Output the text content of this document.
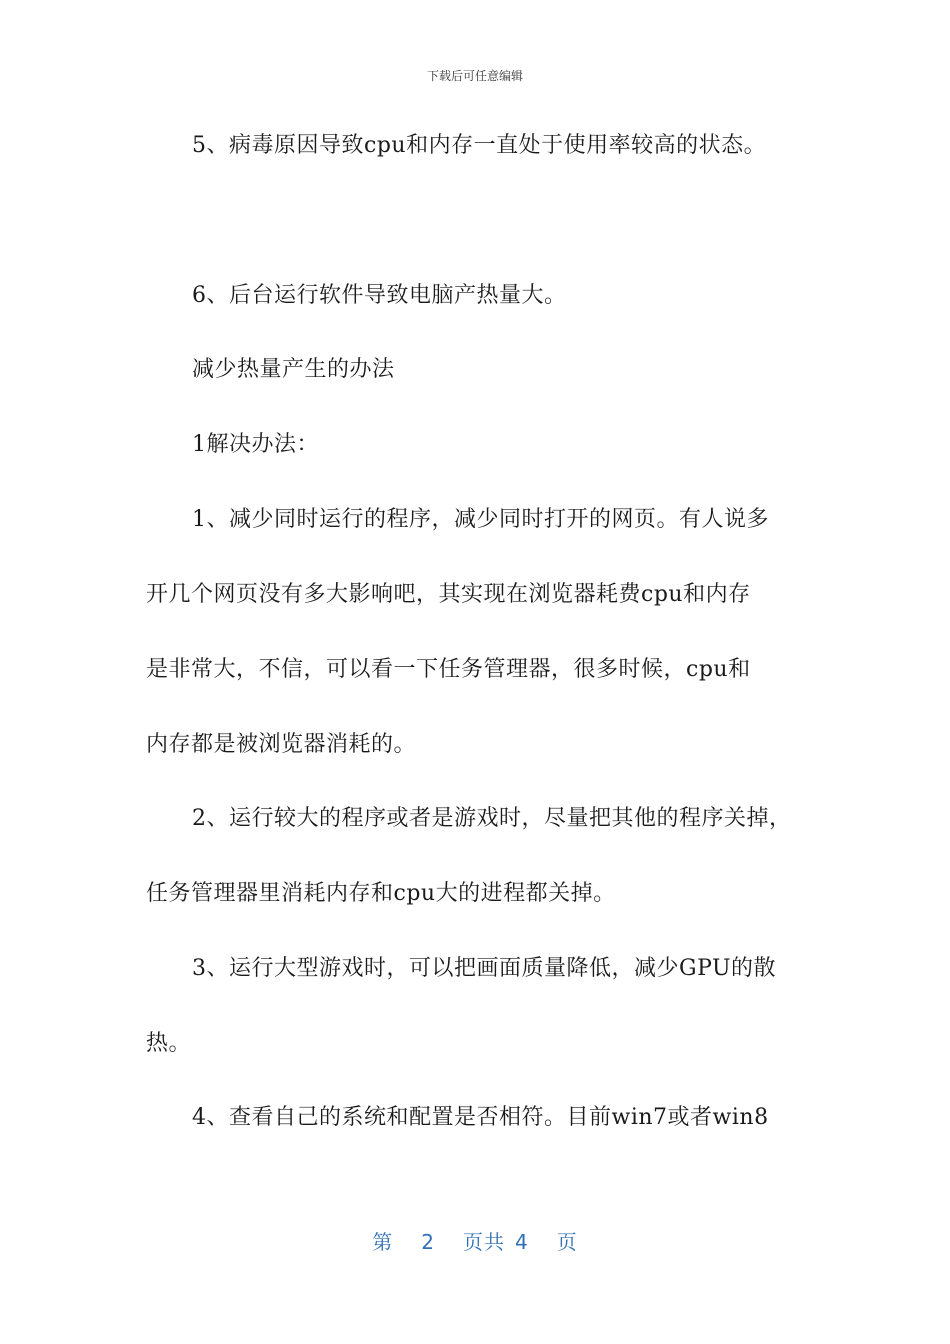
下载后可任意编辑
5、病毒原因导致cpu和内存一直处于使用率较高的状态。
6、后台运行软件导致电脑产热量大。
减少热量产生的办法
1解决办法：
1、减少同时运行的程序，减少同时打开的网页。有人说多
开几个网页没有多大影响吧，其实现在浏览器耗费cpu和内存
是非常大，不信，可以看一下任务管理器，很多时候，cpu和
内存都是被浏览器消耗的。
2、运行较大的程序或者是游戏时，尽量把其他的程序关掉，
任务管理器里消耗内存和cpu大的进程都关掉。
3、运行大型游戏时，可以把画面质量降低，减少GPU的散
热。
4、查看自己的系统和配置是否相符。目前win7或者win8
第 2 页共 4 页
